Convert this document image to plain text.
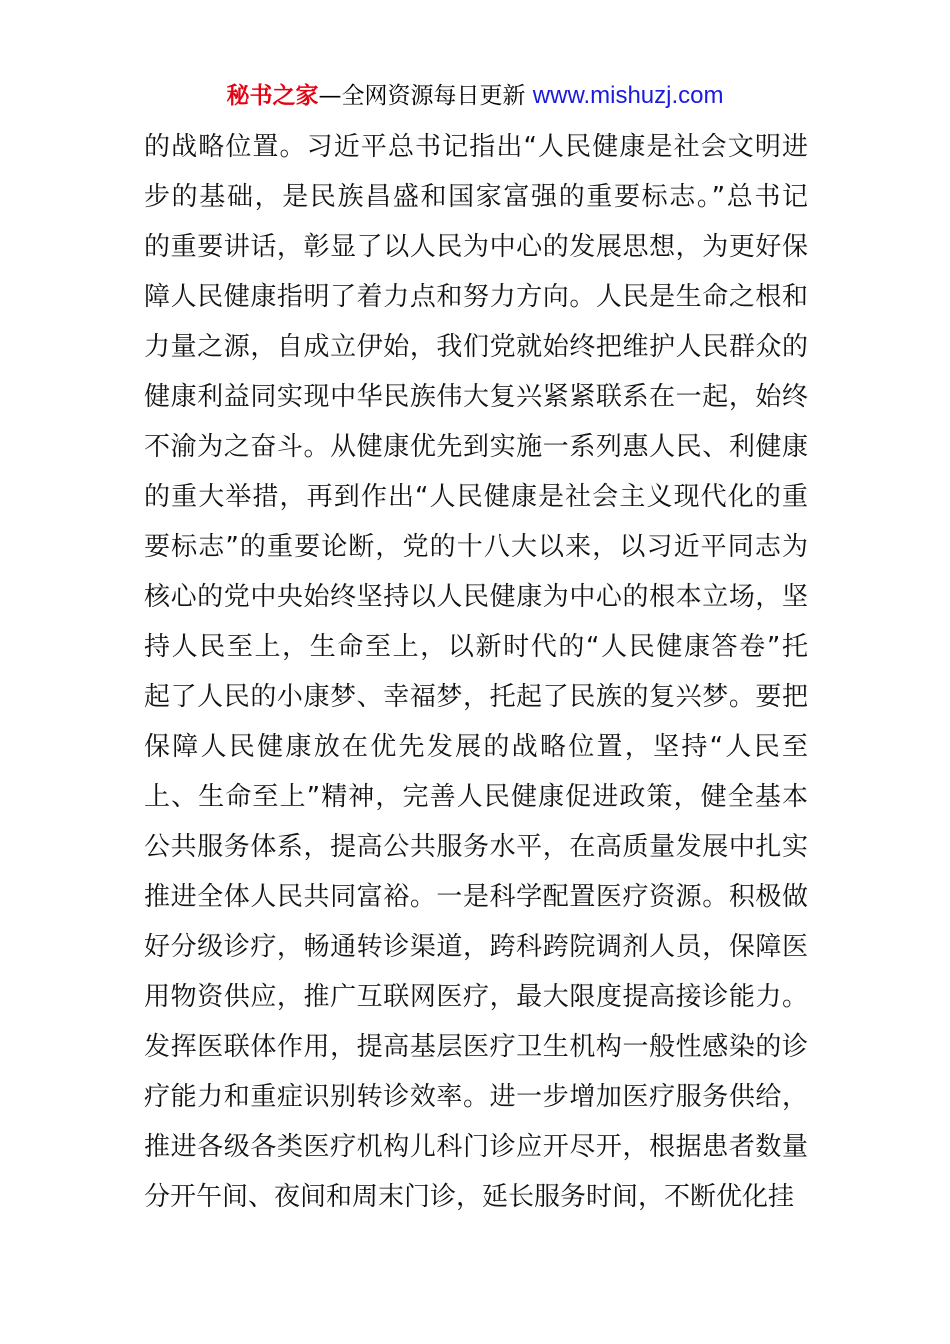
秘书之家—全网资源每日更新 www.mishuzj.com
的战略位置。习近平总书记指出“人民健康是社会文明进
步的基础，是民族昌盛和国家富强的重要标志。”总书记
的重要讲话，彰显了以人民为中心的发展思想，为更好保
障人民健康指明了着力点和努力方向。人民是生命之根和
力量之源，自成立伊始，我们党就始终把维护人民群众的
健康利益同实现中华民族伟大复兴紧紧联系在一起，始终
不渝为之奋斗。从健康优先到实施一系列惠人民、利健康
的重大举措，再到作出“人民健康是社会主义现代化的重
要标志”的重要论断，党的十八大以来，以习近平同志为
核心的党中央始终坚持以人民健康为中心的根本立场，坚
持人民至上，生命至上，以新时代的“人民健康答卷”托
起了人民的小康梦、幸福梦，托起了民族的复兴梦。要把
保障人民健康放在优先发展的战略位置，坚持“人民至
上、生命至上”精神，完善人民健康促进政策，健全基本
公共服务体系，提高公共服务水平，在高质量发展中扎实
推进全体人民共同富裕。一是科学配置医疗资源。积极做
好分级诊疗，畅通转诊渠道，跨科跨院调剂人员，保障医
用物资供应，推广互联网医疗，最大限度提高接诊能力。
发挥医联体作用，提高基层医疗卫生机构一般性感染的诊
疗能力和重症识别转诊效率。进一步增加医疗服务供给，
推进各级各类医疗机构儿科门诊应开尽开，根据患者数量
分开午间、夜间和周末门诊，延长服务时间，不断优化挂
